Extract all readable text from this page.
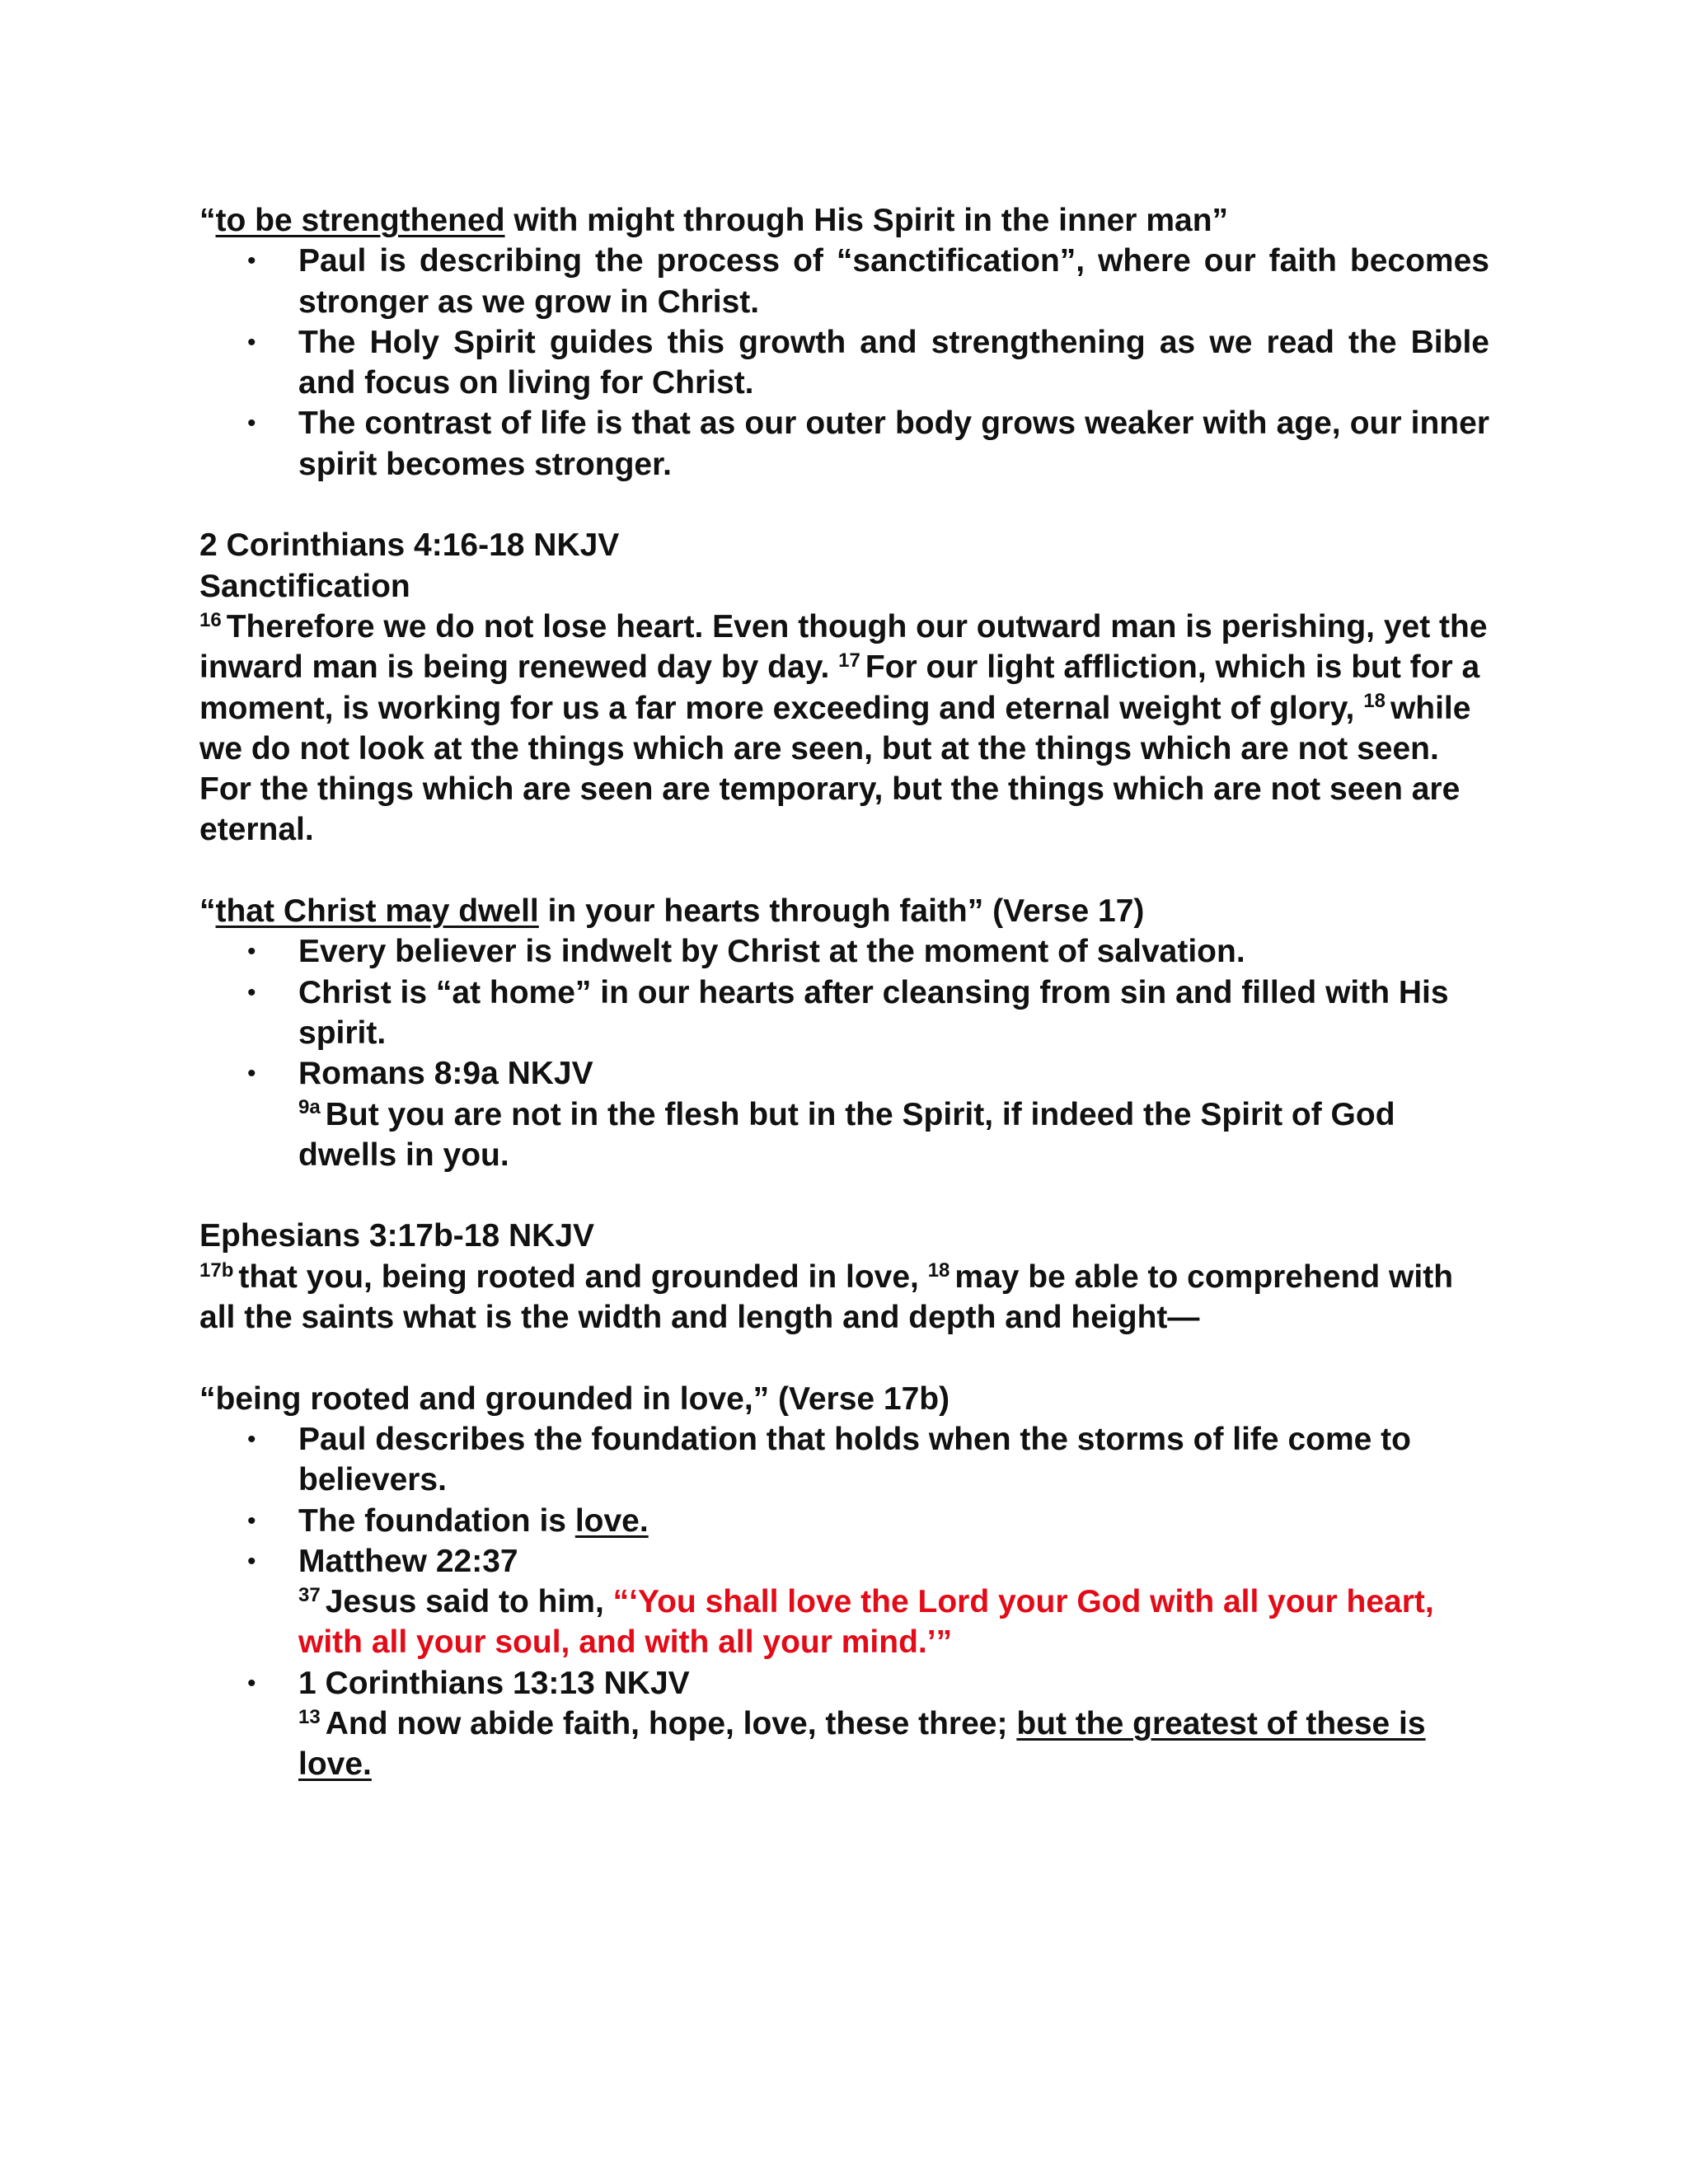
“to be strengthened with might through His Spirit in the inner man”

• Paul is describing the process of “sanctification”, where our faith becomes stronger as we grow in Christ.
• The Holy Spirit guides this growth and strengthening as we read the Bible and focus on living for Christ.
• The contrast of life is that as our outer body grows weaker with age, our inner spirit becomes stronger.

2 Corinthians 4:16-18 NKJV

Sanctification

$^{16}$ Therefore we do not lose heart. Even though our outward man is perishing, yet the inward man is being renewed day by day. $^{17}$ For our light affliction, which is but for a moment, is working for us a far more exceeding and eternal weight of glory, $^{18}$ while we do not look at the things which are seen, but at the things which are not seen. For the things which are seen are temporary, but the things which are not seen are eternal.

“that Christ may dwell in your hearts through faith” (Verse 17)

• Every believer is indwelt by Christ at the moment of salvation.
• Christ is “at home” in our hearts after cleansing from sin and filled with His spirit.
• Romans 8:9a NKJV
$^{9a}$ But you are not in the flesh but in the Spirit, if indeed the Spirit of God dwells in you.

Ephesians 3:17b-18 NKJV

$^{17b}$ that you, being rooted and grounded in love, $^{18}$ may be able to comprehend with all the saints what is the width and length and depth and height—

“being rooted and grounded in love,” (Verse 17b)

• Paul describes the foundation that holds when the storms of life come to believers.
• The foundation is love.
• Matthew 22:37
$^{37}$ Jesus said to him, “‘You shall love the Lord your God with all your heart, with all your soul, and with all your mind.’”
• 1 Corinthians 13:13 NKJV
$^{13}$ And now abide faith, hope, love, these three; but the greatest of these is love.
